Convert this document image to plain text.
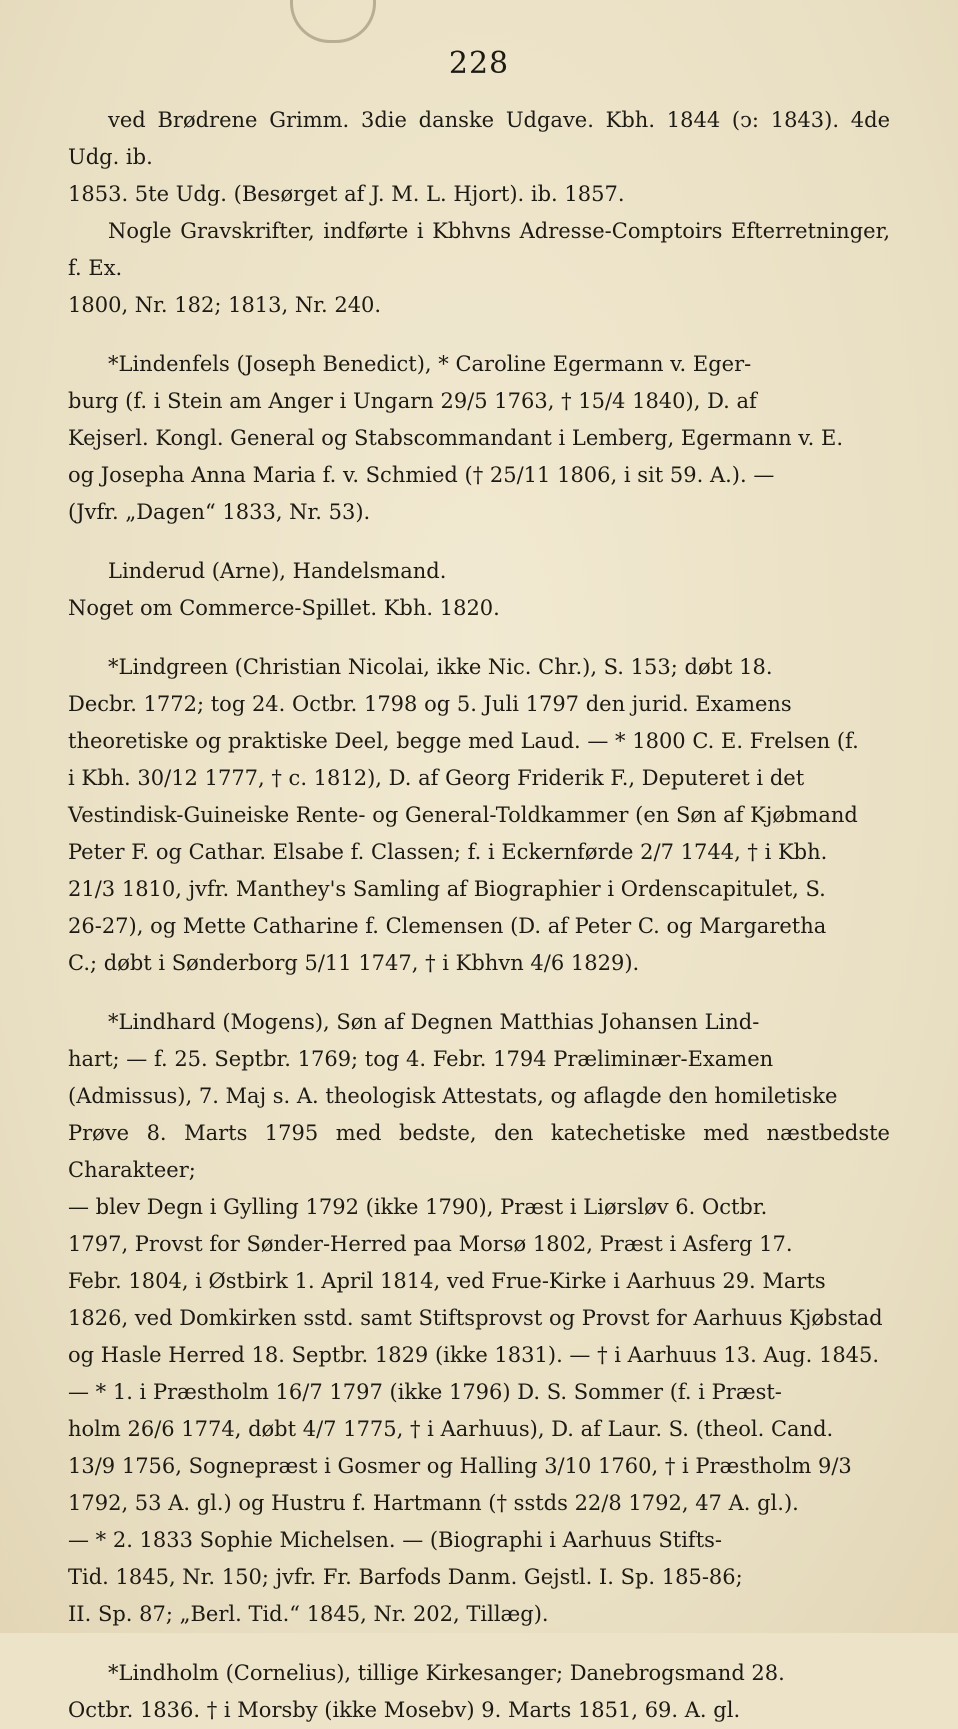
228
ved Brødrene Grimm. 3die danske Udgave. Kbh. 1844 (ↄ: 1843). 4de Udg. ib.
1853. 5te Udg. (Besørget af J. M. L. Hjort). ib. 1857.
Nogle Gravskrifter, indførte i Kbhvns Adresse-Comptoirs Efterretninger, f. Ex.
1800, Nr. 182; 1813, Nr. 240.
*Lindenfels (Joseph Benedict), * Caroline Egermann v. Eger-
burg (f. i Stein am Anger i Ungarn 29/5 1763, † 15/4 1840), D. af
Kejserl. Kongl. General og Stabscommandant i Lemberg, Egermann v. E.
og Josepha Anna Maria f. v. Schmied († 25/11 1806, i sit 59. A.). —
(Jvfr. „Dagen“ 1833, Nr. 53).
Linderud (Arne), Handelsmand.
Noget om Commerce-Spillet. Kbh. 1820.
*Lindgreen (Christian Nicolai, ikke Nic. Chr.), S. 153; døbt 18.
Decbr. 1772; tog 24. Octbr. 1798 og 5. Juli 1797 den jurid. Examens
theoretiske og praktiske Deel, begge med Laud. — * 1800 C. E. Frelsen (f.
i Kbh. 30/12 1777, † c. 1812), D. af Georg Friderik F., Deputeret i det
Vestindisk-Guineiske Rente- og General-Toldkammer (en Søn af Kjøbmand
Peter F. og Cathar. Elsabe f. Classen; f. i Eckernførde 2/7 1744, † i Kbh.
21/3 1810, jvfr. Manthey's Samling af Biographier i Ordenscapitulet, S.
26-27), og Mette Catharine f. Clemensen (D. af Peter C. og Margaretha
C.; døbt i Sønderborg 5/11 1747, † i Kbhvn 4/6 1829).
*Lindhard (Mogens), Søn af Degnen Matthias Johansen Lind-
hart; — f. 25. Septbr. 1769; tog 4. Febr. 1794 Præliminær-Examen
(Admissus), 7. Maj s. A. theologisk Attestats, og aflagde den homiletiske
Prøve 8. Marts 1795 med bedste, den katechetiske med næstbedste Charakteer;
— blev Degn i Gylling 1792 (ikke 1790), Præst i Liørsløv 6. Octbr.
1797, Provst for Sønder-Herred paa Morsø 1802, Præst i Asferg 17.
Febr. 1804, i Østbirk 1. April 1814, ved Frue-Kirke i Aarhuus 29. Marts
1826, ved Domkirken sstd. samt Stiftsprovst og Provst for Aarhuus Kjøbstad
og Hasle Herred 18. Septbr. 1829 (ikke 1831). — † i Aarhuus 13. Aug. 1845.
— * 1. i Præstholm 16/7 1797 (ikke 1796) D. S. Sommer (f. i Præst-
holm 26/6 1774, døbt 4/7 1775, † i Aarhuus), D. af Laur. S. (theol. Cand.
13/9 1756, Sognepræst i Gosmer og Halling 3/10 1760, † i Præstholm 9/3
1792, 53 A. gl.) og Hustru f. Hartmann († sstds 22/8 1792, 47 A. gl.).
— * 2. 1833 Sophie Michelsen. — (Biographi i Aarhuus Stifts-
Tid. 1845, Nr. 150; jvfr. Fr. Barfods Danm. Gejstl. I. Sp. 185-86;
II. Sp. 87; „Berl. Tid.“ 1845, Nr. 202, Tillæg).
*Lindholm (Cornelius), tillige Kirkesanger; Danebrogsmand 28.
Octbr. 1836. † i Morsby (ikke Mosebv) 9. Marts 1851, 69. A. gl.
